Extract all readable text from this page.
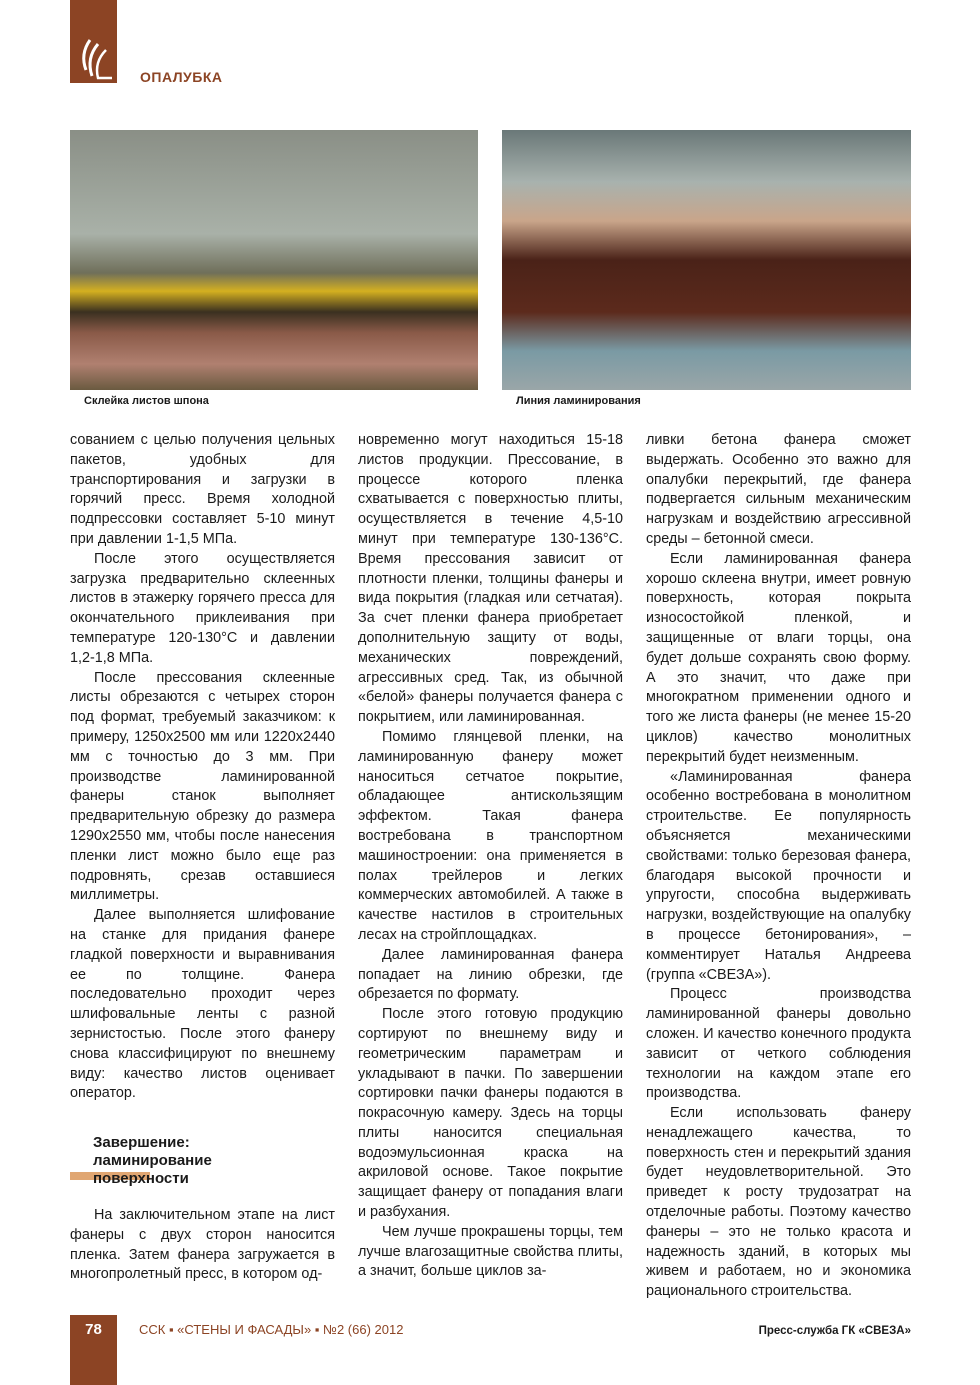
ОПАЛУБКА
Склейка листов шпона	Линия ламинирования

сованием с целью получения цельных пакетов, удобных для транспортирования и загрузки в горячий пресс. Время холодной подпрессовки составляет 5-10 минут при давлении 1-1,5 МПа.

После этого осуществляется загрузка предварительно склеенных листов в этажерку горячего пресса для окончательного приклеивания при температуре 120-130°С и давлении 1,2-1,8 МПа.

После прессования склеенные листы обрезаются с четырех сторон под формат, требуемый заказчиком: к примеру, 1250х2500 мм или 1220х2440 мм с точностью до 3 мм. При производстве ламинированной фанеры станок выполняет предварительную обрезку до размера 1290х2550 мм, чтобы после нанесения пленки лист можно было еще раз подровнять, срезав оставшиеся миллиметры.

Далее выполняется шлифование на станке для придания фанере гладкой поверхности и выравнивания ее по толщине. Фанера последовательно проходит через шлифовальные ленты с разной зернистостью. После этого фанеру снова классифицируют по внешнему виду: качество листов оценивает оператор.

Завершение:
ламинирование
поверхности

На заключительном этапе на лист фанеры с двух сторон наносится пленка. Затем фанера загружается в многопролетный пресс, в котором од-

новременно могут находиться 15-18 листов продукции. Прессование, в процессе которого пленка схватывается с поверхностью плиты, осуществляется в течение 4,5-10 минут при температуре 130-136°С. Время прессования зависит от плотности пленки, толщины фанеры и вида покрытия (гладкая или сетчатая). За счет пленки фанера приобретает дополнительную защиту от воды, механических повреждений, агрессивных сред. Так, из обычной «белой» фанеры получается фанера с покрытием, или ламинированная.

Помимо глянцевой пленки, на ламинированную фанеру может наноситься сетчатое покрытие, обладающее антискользящим эффектом. Такая фанера востребована в транспортном машиностроении: она применяется в полах трейлеров и легких коммерческих автомобилей. А также в качестве настилов в строительных лесах на стройплощадках.

Далее ламинированная фанера попадает на линию обрезки, где обрезается по формату.

После этого готовую продукцию сортируют по внешнему виду и геометрическим параметрам и укладывают в пачки. По завершении сортировки пачки фанеры подаются в покрасочную камеру. Здесь на торцы плиты наносится специальная водоэмульсионная краска на акриловой основе. Такое покрытие защищает фанеру от попадания влаги и разбухания.

Чем лучше прокрашены торцы, тем лучше влагозащитные свойства плиты, а значит, больше циклов за-

ливки бетона фанера сможет выдержать. Особенно это важно для опалубки перекрытий, где фанера подвергается сильным механическим нагрузкам и воздействию агрессивной среды – бетонной смеси.

Если ламинированная фанера хорошо склеена внутри, имеет ровную поверхность, которая покрыта износостойкой пленкой, и защищенные от влаги торцы, она будет дольше сохранять свою форму. А это значит, что даже при многократном применении одного и того же листа фанеры (не менее 15-20 циклов) качество монолитных перекрытий будет неизменным.

«Ламинированная фанера особенно востребована в монолитном строительстве. Ее популярность объясняется механическими свойствами: только березовая фанера, благодаря высокой прочности и упругости, способна выдерживать нагрузки, воздействующие на опалубку в процессе бетонирования», – комментирует Наталья Андреева (группа «СВЕЗА»).

Процесс производства ламинированной фанеры довольно сложен. И качество конечного продукта зависит от четкого соблюдения технологии на каждом этапе его производства.

Если использовать фанеру ненадлежащего качества, то поверхность стен и перекрытий здания будет неудовлетворительной. Это приведет к росту трудозатрат на отделочные работы. Поэтому качество фанеры – это не только красота и надежность зданий, в которых мы живем и работаем, но и экономика рационального строительства.

Пресс-служба ГК «СВЕЗА»
78	ССК ▪ «СТЕНЫ И ФАСАДЫ» ▪ №2 (66) 2012
